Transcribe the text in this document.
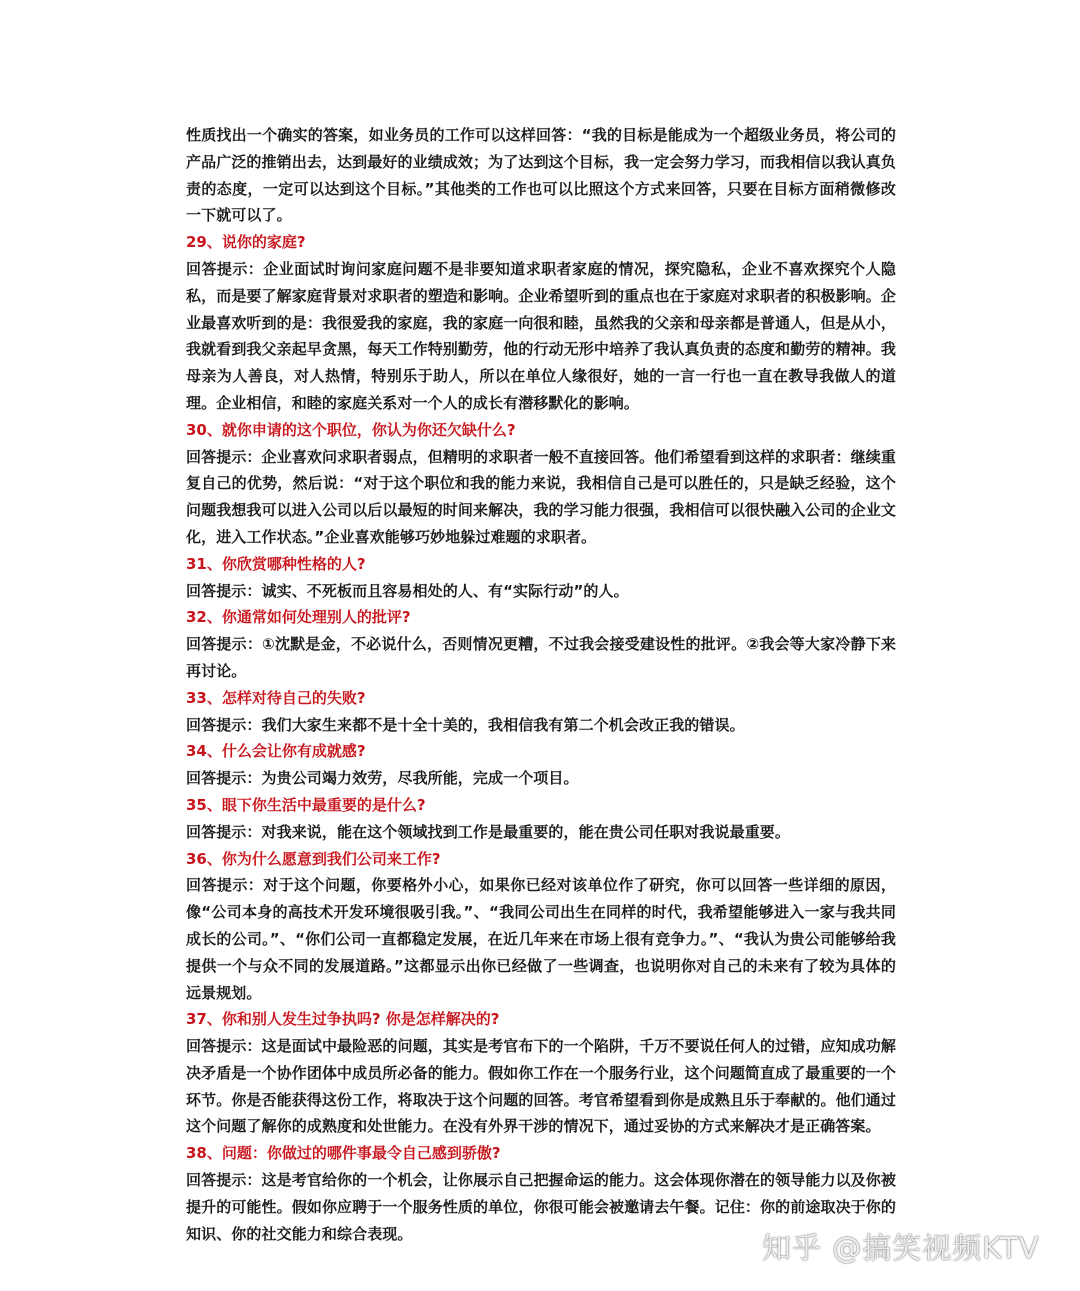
性质找出一个确实的答案，如业务员的工作可以这样回答：“我的目标是能成为一个超级业务员，将公司的产品广泛的推销出去，达到最好的业绩成效；为了达到这个目标，我一定会努力学习，而我相信以我认真负责的态度，一定可以达到这个目标。”其他类的工作也可以比照这个方式来回答，只要在目标方面稍微修改一下就可以了。

29、说你的家庭?

回答提示：企业面试时询问家庭问题不是非要知道求职者家庭的情况，探究隐私，企业不喜欢探究个人隐私，而是要了解家庭背景对求职者的塑造和影响。企业希望听到的重点也在于家庭对求职者的积极影响。企业最喜欢听到的是：我很爱我的家庭，我的家庭一向很和睦，虽然我的父亲和母亲都是普通人，但是从小，我就看到我父亲起早贪黑，每天工作特别勤劳，他的行动无形中培养了我认真负责的态度和勤劳的精神。我母亲为人善良，对人热情，特别乐于助人，所以在单位人缘很好，她的一言一行也一直在教导我做人的道理。企业相信，和睦的家庭关系对一个人的成长有潜移默化的影响。

30、就你申请的这个职位，你认为你还欠缺什么?

回答提示：企业喜欢问求职者弱点，但精明的求职者一般不直接回答。他们希望看到这样的求职者：继续重复自己的优势，然后说：“对于这个职位和我的能力来说，我相信自己是可以胜任的，只是缺乏经验，这个问题我想我可以进入公司以后以最短的时间来解决，我的学习能力很强，我相信可以很快融入公司的企业文化，进入工作状态。”企业喜欢能够巧妙地躲过难题的求职者。

31、你欣赏哪种性格的人?

回答提示：诚实、不死板而且容易相处的人、有“实际行动”的人。

32、你通常如何处理别人的批评?

回答提示：①沈默是金，不必说什么，否则情况更糟，不过我会接受建设性的批评。②我会等大家冷静下来再讨论。

33、怎样对待自己的失败?

回答提示：我们大家生来都不是十全十美的，我相信我有第二个机会改正我的错误。

34、什么会让你有成就感?

回答提示：为贵公司竭力效劳，尽我所能，完成一个项目。

35、眼下你生活中最重要的是什么?

回答提示：对我来说，能在这个领域找到工作是最重要的，能在贵公司任职对我说最重要。

36、你为什么愿意到我们公司来工作?

回答提示：对于这个问题，你要格外小心，如果你已经对该单位作了研究，你可以回答一些详细的原因，像“公司本身的高技术开发环境很吸引我。”、“我同公司出生在同样的时代，我希望能够进入一家与我共同成长的公司。”、“你们公司一直都稳定发展，在近几年来在市场上很有竞争力。”、“我认为贵公司能够给我提供一个与众不同的发展道路。”这都显示出你已经做了一些调查，也说明你对自己的未来有了较为具体的远景规划。

37、你和别人发生过争执吗? 你是怎样解决的?

回答提示：这是面试中最险恶的问题，其实是考官布下的一个陷阱，千万不要说任何人的过错，应知成功解决矛盾是一个协作团体中成员所必备的能力。假如你工作在一个服务行业，这个问题简直成了最重要的一个环节。你是否能获得这份工作，将取决于这个问题的回答。考官希望看到你是成熟且乐于奉献的。他们通过这个问题了解你的成熟度和处世能力。在没有外界干涉的情况下，通过妥协的方式来解决才是正确答案。

38、问题：你做过的哪件事最令自己感到骄傲?

回答提示：这是考官给你的一个机会，让你展示自己把握命运的能力。这会体现你潜在的领导能力以及你被提升的可能性。假如你应聘于一个服务性质的单位，你很可能会被邀请去午餐。记住：你的前途取决于你的知识、你的社交能力和综合表现。	知乎 @搞笑视频KTV
